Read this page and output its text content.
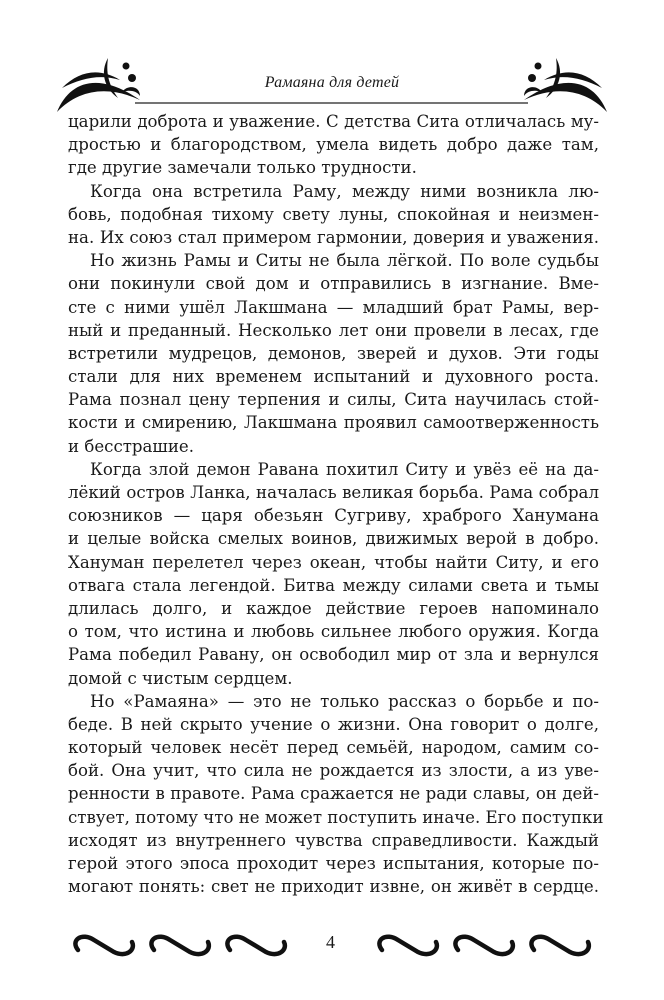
Рамаяна для детей
царили доброта и уважение. С детства Сита отличалась му-
дростью и благородством, умела видеть добро даже там,
где другие замечали только трудности.
Когда она встретила Раму, между ними возникла лю-
бовь, подобная тихому свету луны, спокойная и неизмен-
на. Их союз стал примером гармонии, доверия и уважения.
Но жизнь Рамы и Ситы не была лёгкой. По воле судьбы
они покинули свой дом и отправились в изгнание. Вме-
сте с ними ушёл Лакшмана — младший брат Рамы, вер-
ный и преданный. Несколько лет они провели в лесах, где
встретили мудрецов, демонов, зверей и духов. Эти годы
стали для них временем испытаний и духовного роста.
Рама познал цену терпения и силы, Сита научилась стой-
кости и смирению, Лакшмана проявил самоотверженность
и бесстрашие.
Когда злой демон Равана похитил Ситу и увёз её на да-
лёкий остров Ланка, началась великая борьба. Рама собрал
союзников — царя обезьян Сугриву, храброго Ханумана
и целые войска смелых воинов, движимых верой в добро.
Хануман перелетел через океан, чтобы найти Ситу, и его
отвага стала легендой. Битва между силами света и тьмы
длилась долго, и каждое действие героев напоминало
о том, что истина и любовь сильнее любого оружия. Когда
Рама победил Равану, он освободил мир от зла и вернулся
домой с чистым сердцем.
Но «Рамаяна» — это не только рассказ о борьбе и по-
беде. В ней скрыто учение о жизни. Она говорит о долге,
который человек несёт перед семьёй, народом, самим со-
бой. Она учит, что сила не рождается из злости, а из уве-
ренности в правоте. Рама сражается не ради славы, он дей-
ствует, потому что не может поступить иначе. Его поступки
исходят из внутреннего чувства справедливости. Каждый
герой этого эпоса проходит через испытания, которые по-
могают понять: свет не приходит извне, он живёт в сердце.
4
